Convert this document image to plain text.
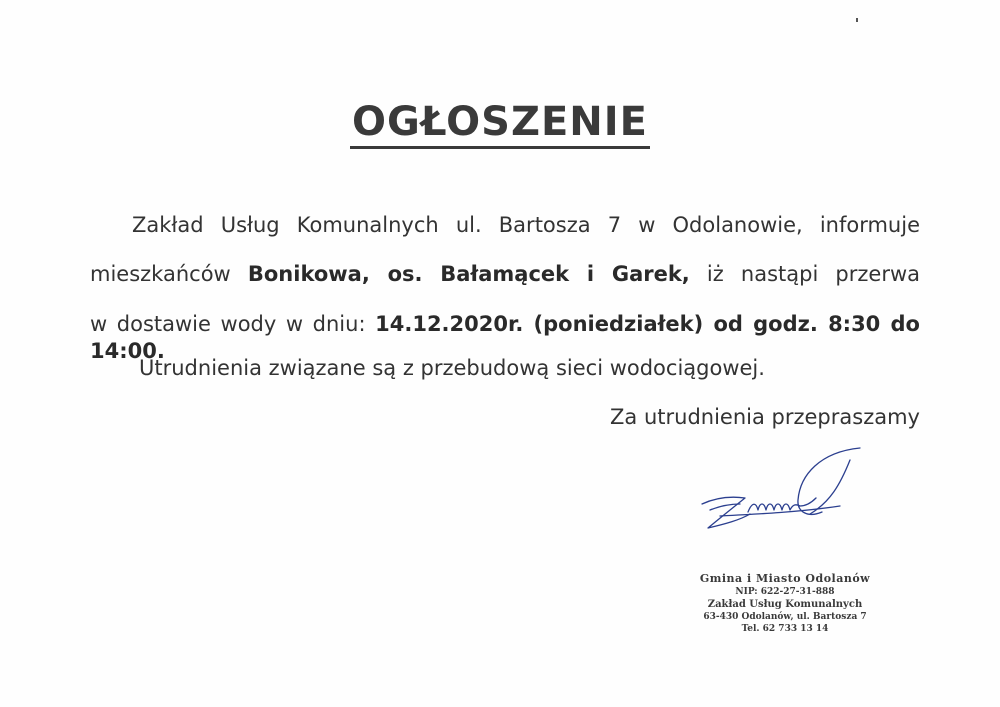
OGŁOSZENIE
Zakład Usług Komunalnych ul. Bartosza 7 w Odolanowie, informuje
mieszkańców Bonikowa, os. Bałamącek i Garek, iż nastąpi przerwa
w dostawie wody w dniu: 14.12.2020r. (poniedziałek) od godz. 8:30 do 14:00.
Utrudnienia związane są z przebudową sieci wodociągowej.
Za utrudnienia przepraszamy
Gmina i Miasto Odolanów
NIP: 622-27-31-888
Zakład Usług Komunalnych
63-430 Odolanów, ul. Bartosza 7
Tel. 62 733 13 14
